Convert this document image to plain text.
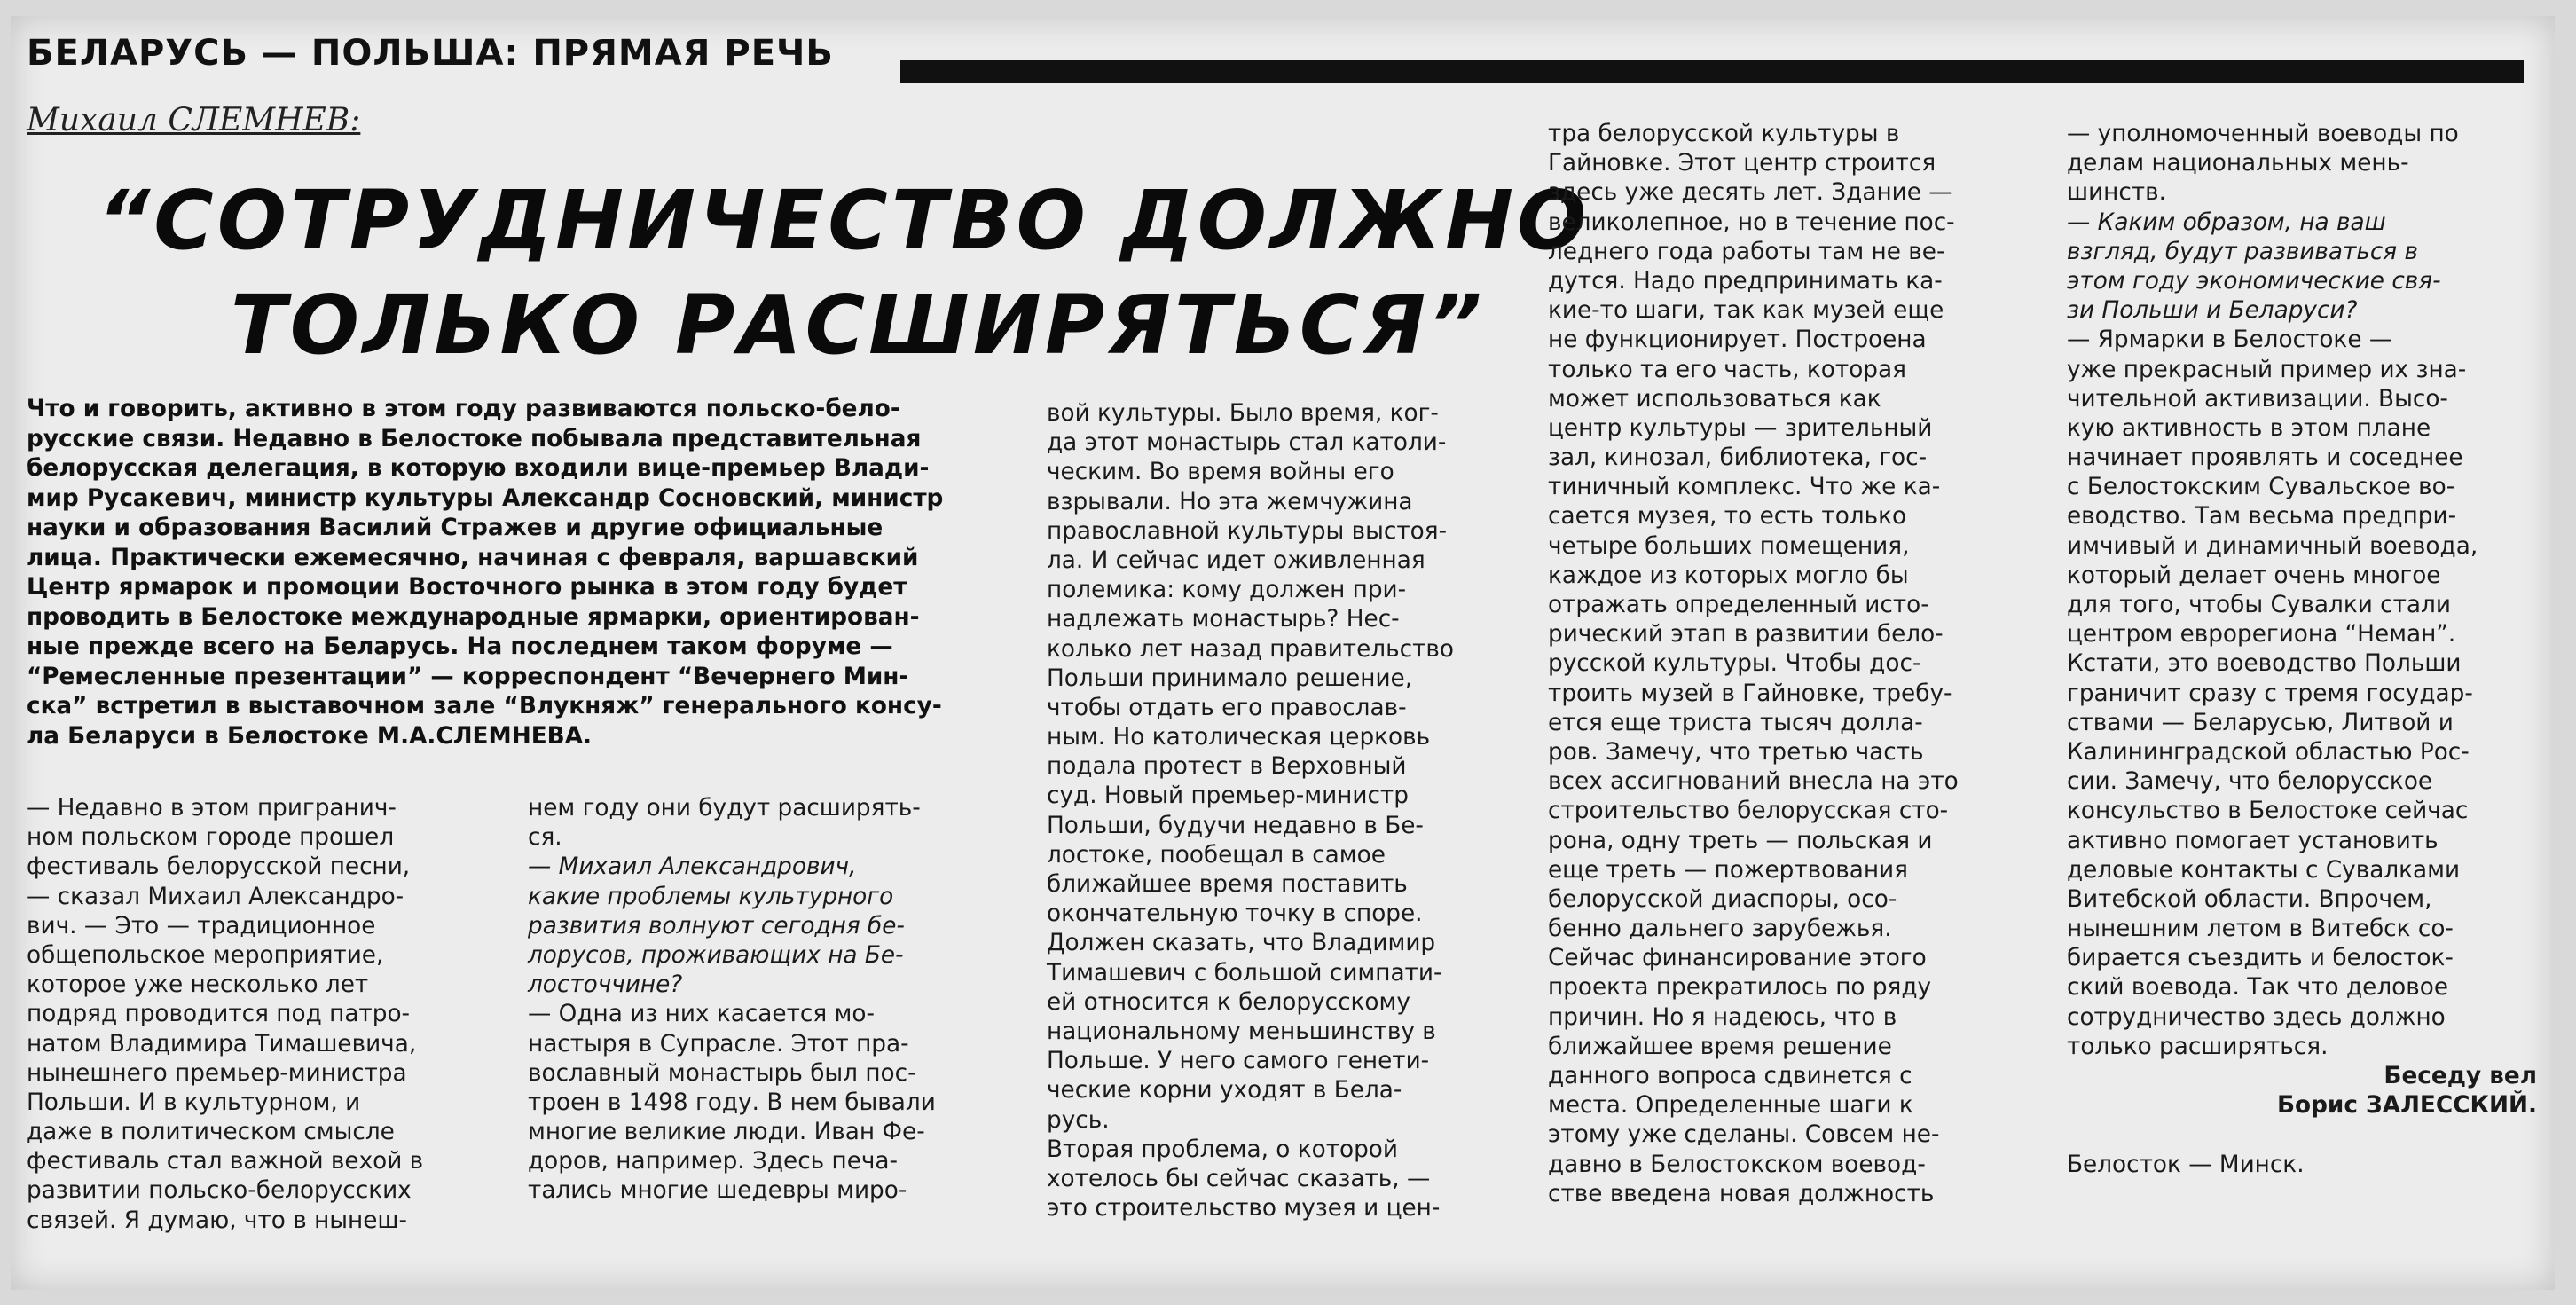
БЕЛАРУСЬ — ПОЛЬША: ПРЯМАЯ РЕЧЬ
Михаил СЛЕМНЕВ:
“СОТРУДНИЧЕСТВО ДОЛЖНО
ТОЛЬКО РАСШИРЯТЬСЯ”
Что и говорить, активно в этом году развиваются польско-бело-
русские связи. Недавно в Белостоке побывала представительная
белорусская делегация, в которую входили вице-премьер Влади-
мир Русакевич, министр культуры Александр Сосновский, министр
науки и образования Василий Стражев и другие официальные
лица. Практически ежемесячно, начиная с февраля, варшавский
Центр ярмарок и промоции Восточного рынка в этом году будет
проводить в Белостоке международные ярмарки, ориентирован-
ные прежде всего на Беларусь. На последнем таком форуме —
“Ремесленные презентации” — корреспондент “Вечернего Мин-
ска” встретил в выставочном зале “Влукняж” генерального консу-
ла Беларуси в Белостоке М.А.СЛЕМНЕВА.
— Недавно в этом пригранич-
ном польском городе прошел
фестиваль белорусской песни,
— сказал Михаил Александро-
вич. — Это — традиционное
общепольское мероприятие,
которое уже несколько лет
подряд проводится под патро-
натом Владимира Тимашевича,
нынешнего премьер-министра
Польши. И в культурном, и
даже в политическом смысле
фестиваль стал важной вехой в
развитии польско-белорусских
связей. Я думаю, что в нынеш-
нем году они будут расширять-
ся.
— Михаил Александрович,
какие проблемы культурного
развития волнуют сегодня бе-
лорусов, проживающих на Бе-
лосточчине?
— Одна из них касается мо-
настыря в Супрасле. Этот пра-
вославный монастырь был пос-
троен в 1498 году. В нем бывали
многие великие люди. Иван Фе-
доров, например. Здесь печа-
тались многие шедевры миро-
вой культуры. Было время, ког-
да этот монастырь стал католи-
ческим. Во время войны его
взрывали. Но эта жемчужина
православной культуры выстоя-
ла. И сейчас идет оживленная
полемика: кому должен при-
надлежать монастырь? Нес-
колько лет назад правительство
Польши принимало решение,
чтобы отдать его православ-
ным. Но католическая церковь
подала протест в Верховный
суд. Новый премьер-министр
Польши, будучи недавно в Бе-
лостоке, пообещал в самое
ближайшее время поставить
окончательную точку в споре.
Должен сказать, что Владимир
Тимашевич с большой симпати-
ей относится к белорусскому
национальному меньшинству в
Польше. У него самого генети-
ческие корни уходят в Бела-
русь.
Вторая проблема, о которой
хотелось бы сейчас сказать, —
это строительство музея и цен-
тра белорусской культуры в
Гайновке. Этот центр строится
здесь уже десять лет. Здание —
великолепное, но в течение пос-
леднего года работы там не ве-
дутся. Надо предпринимать ка-
кие-то шаги, так как музей еще
не функционирует. Построена
только та его часть, которая
может использоваться как
центр культуры — зрительный
зал, кинозал, библиотека, гос-
тиничный комплекс. Что же ка-
сается музея, то есть только
четыре больших помещения,
каждое из которых могло бы
отражать определенный исто-
рический этап в развитии бело-
русской культуры. Чтобы дос-
троить музей в Гайновке, требу-
ется еще триста тысяч долла-
ров. Замечу, что третью часть
всех ассигнований внесла на это
строительство белорусская сто-
рона, одну треть — польская и
еще треть — пожертвования
белорусской диаспоры, осо-
бенно дальнего зарубежья.
Сейчас финансирование этого
проекта прекратилось по ряду
причин. Но я надеюсь, что в
ближайшее время решение
данного вопроса сдвинется с
места. Определенные шаги к
этому уже сделаны. Совсем не-
давно в Белостокском воевод-
стве введена новая должность
— уполномоченный воеводы по
делам национальных мень-
шинств.
— Каким образом, на ваш
взгляд, будут развиваться в
этом году экономические свя-
зи Польши и Беларуси?
— Ярмарки в Белостоке —
уже прекрасный пример их зна-
чительной активизации. Высо-
кую активность в этом плане
начинает проявлять и соседнее
с Белостокским Сувальское во-
еводство. Там весьма предпри-
имчивый и динамичный воевода,
который делает очень многое
для того, чтобы Сувалки стали
центром еврорегиона “Неман”.
Кстати, это воеводство Польши
граничит сразу с тремя государ-
ствами — Беларусью, Литвой и
Калининградской областью Рос-
сии. Замечу, что белорусское
консульство в Белостоке сейчас
активно помогает установить
деловые контакты с Сувалками
Витебской области. Впрочем,
нынешним летом в Витебск со-
бирается съездить и белосток-
ский воевода. Так что деловое
сотрудничество здесь должно
только расширяться.
Беседу вел
Борис ЗАЛЕССКИЙ.
Белосток — Минск.
